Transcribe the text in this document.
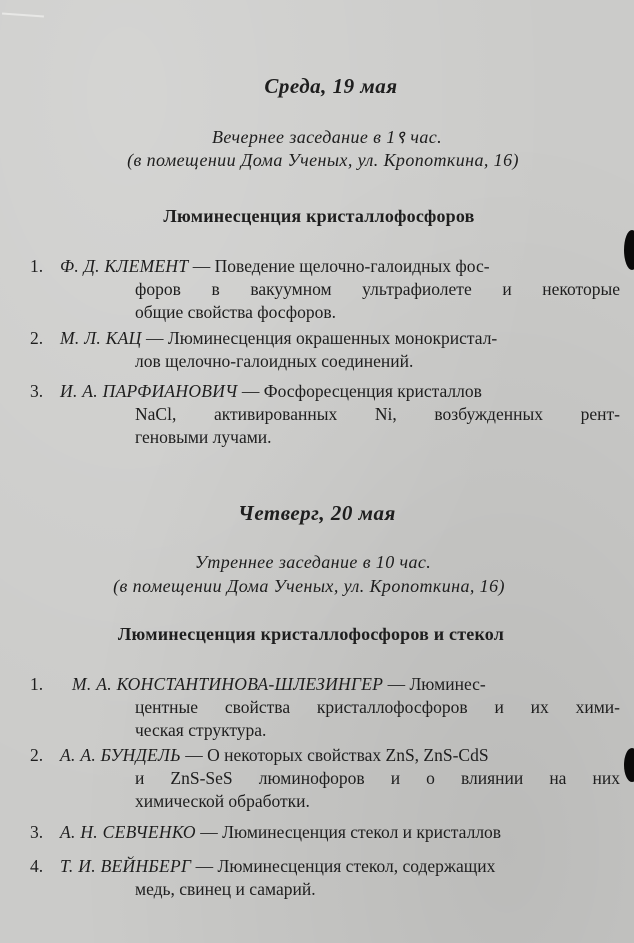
Среда, 19 мая
Вечернее заседание в 1९ час.
(в помещении Дома Ученых, ул. Кропоткина, 16)
Люминесценция кристаллофосфоров
1. Ф. Д. КЛЕМЕНТ — Поведение щелочно-галоидных фос-
форов в вакуумном ультрафиолете и некоторые
общие свойства фосфоров.
2. М. Л. КАЦ — Люминесценция окрашенных монокристал-
лов щелочно-галоидных соединений.
3. И. А. ПАРФИАНОВИЧ — Фосфоресценция кристаллов
NaCl, активированных Ni, возбужденных рент-
геновыми лучами.
Четверг, 20 мая
Утреннее заседание в 10 час.
(в помещении Дома Ученых, ул. Кропоткина, 16)
Люминесценция кристаллофосфоров и стекол
1. М. А. КОНСТАНТИНОВА-ШЛЕЗИНГЕР — Люминес-
центные свойства кристаллофосфоров и их хими-
ческая структура.
2. А. А. БУНДЕЛЬ — О некоторых свойствах ZnS, ZnS-CdS
и ZnS-SeS люминофоров и о влиянии на них
химической обработки.
3. А. Н. СЕВЧЕНКО — Люминесценция стекол и кристаллов
4. Т. И. ВЕЙНБЕРГ — Люминесценция стекол, содержащих
медь, свинец и самарий.
